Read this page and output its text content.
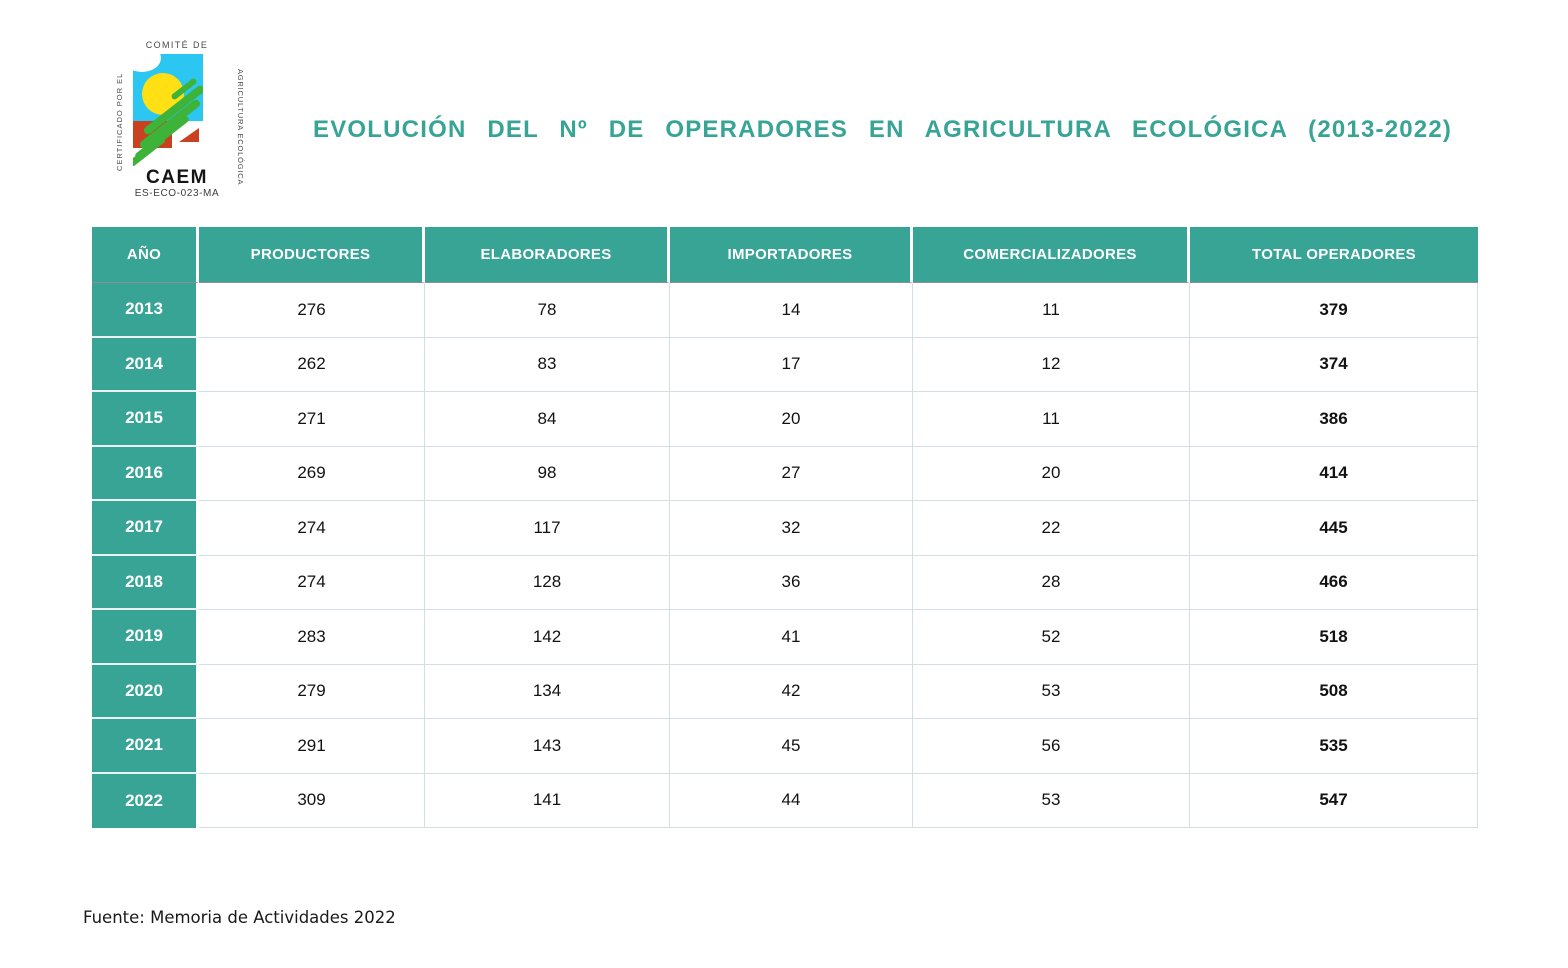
COMITÉ DE
CERTIFICADO POR EL	AGRICULTURA ECOLÓGICA
CAEM
ES-ECO-023-MA
EVOLUCIÓN DEL Nº DE OPERADORES EN AGRICULTURA ECOLÓGICA (2013-2022)
AÑO	PRODUCTORES	ELABORADORES	IMPORTADORES	COMERCIALIZADORES	TOTAL OPERADORES
2013	276	78	14	11	379
2014	262	83	17	12	374
2015	271	84	20	11	386
2016	269	98	27	20	414
2017	274	117	32	22	445
2018	274	128	36	28	466
2019	283	142	41	52	518
2020	279	134	42	53	508
2021	291	143	45	56	535
2022	309	141	44	53	547

Fuente: Memoria de Actividades 2022
